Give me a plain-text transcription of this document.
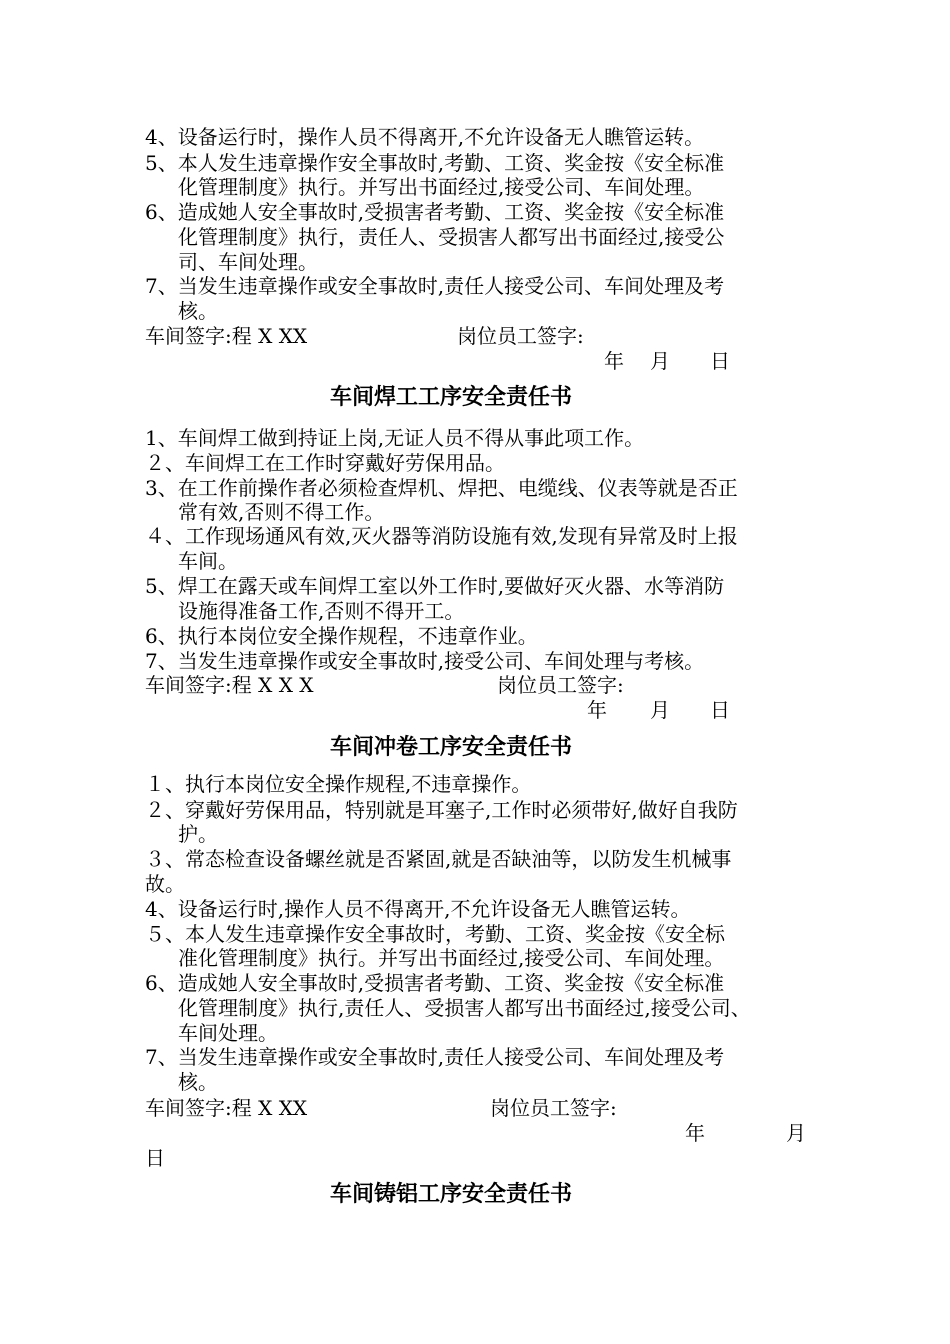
4、设备运行时，操作人员不得离开,不允许设备无人瞧管运转。
5、本人发生违章操作安全事故时,考勤、工资、奖金按《安全标准
化管理制度》执行。并写出书面经过,接受公司、车间处理。
6、造成她人安全事故时,受损害者考勤、工资、奖金按《安全标准
化管理制度》执行，责任人、受损害人都写出书面经过,接受公
司、车间处理。
7、当发生违章操作或安全事故时,责任人接受公司、车间处理及考
核。
车间签字:程 X XX	岗位员工签字:
年 月 日
车间焊工工序安全责任书
1、车间焊工做到持证上岗,无证人员不得从事此项工作。
２、车间焊工在工作时穿戴好劳保用品。
3、在工作前操作者必须检查焊机、焊把、电缆线、仪表等就是否正
常有效,否则不得工作。
４、工作现场通风有效,灭火器等消防设施有效,发现有异常及时上报
车间。
5、焊工在露天或车间焊工室以外工作时,要做好灭火器、水等消防
设施得准备工作,否则不得开工。
6、执行本岗位安全操作规程，不违章作业。
7、当发生违章操作或安全事故时,接受公司、车间处理与考核。
车间签字:程 X X X	岗位员工签字:
年 月 日
车间冲卷工序安全责任书
１、执行本岗位安全操作规程,不违章操作。
２、穿戴好劳保用品，特别就是耳塞子,工作时必须带好,做好自我防
护。
３、常态检查设备螺丝就是否紧固,就是否缺油等，以防发生机械事
故。
4、设备运行时,操作人员不得离开,不允许设备无人瞧管运转。
５、本人发生违章操作安全事故时，考勤、工资、奖金按《安全标
准化管理制度》执行。并写出书面经过,接受公司、车间处理。
6、造成她人安全事故时,受损害者考勤、工资、奖金按《安全标准
化管理制度》执行,责任人、受损害人都写出书面经过,接受公司、
车间处理。
7、当发生违章操作或安全事故时,责任人接受公司、车间处理及考
核。
车间签字:程 X XX	岗位员工签字:
年	月
日
车间铸铝工序安全责任书
